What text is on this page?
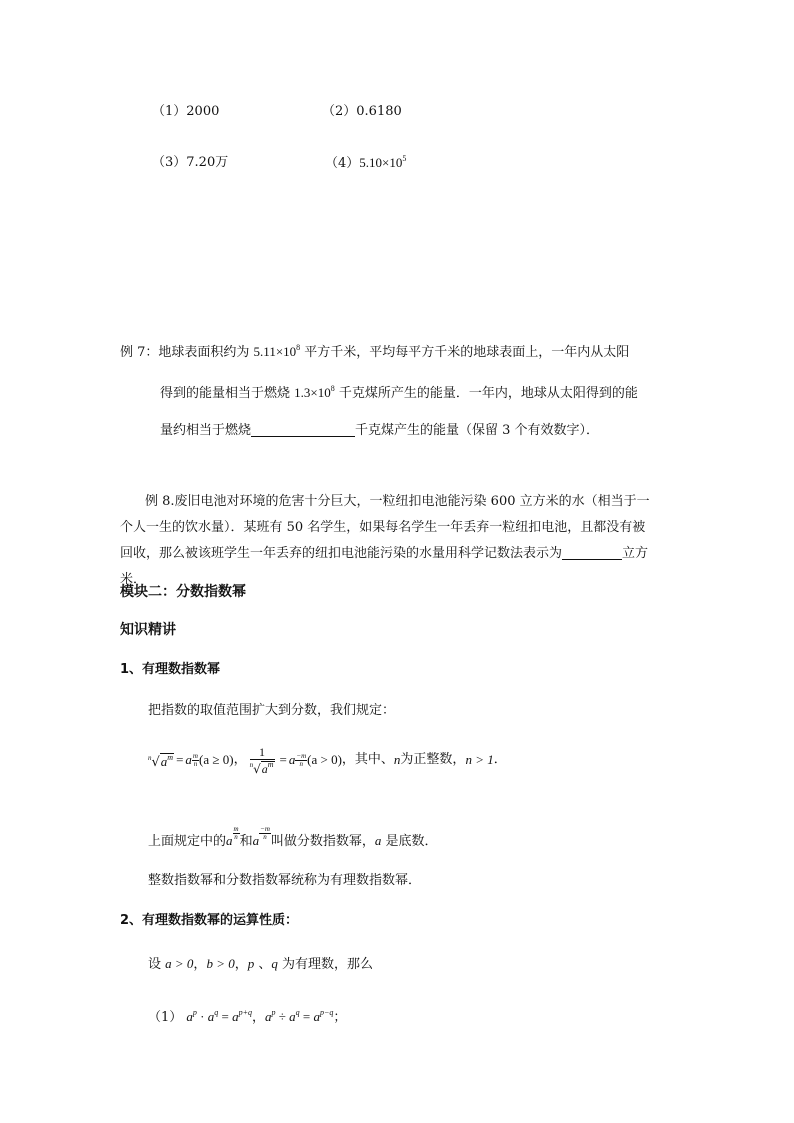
（1）2000	（2）0.6180
（3）7.20万	$(4)5.10\times 10^5$
例 7：地球表面积约为 $5.11\times 10^8$ 平方千米，平均每平方千米的地球表面上，一年内从太阳
得到的能量相当于燃烧 $1.3\times 10^8$ 千克煤所产生的能量．一年内，地球从太阳得到的能
量约相当于燃烧	千克煤产生的能量（保留 3 个有效数字）．
例 8.废旧电池对环境的危害十分巨大，一粒纽扣电池能污染 600 立方米的水（相当于一
个人一生的饮水量）．某班有 50 名学生，如果每名学生一年丢弃一粒纽扣电池，且都没有被
回收，那么被该班学生一年丢弃的纽扣电池能污染的水量用科学记数法表示为	立方
米．
模块二：分数指数幂
知识精讲
1、有理数指数幂
把指数的取值范围扩大到分数，我们规定：
$^n√a^m = a$ m
n (a ≥ 0) ， $\frac{1}{^n√a^m} = a -m$
n (a > 0) ，其中、 n 为正整数， n > 1 ．
上面规定中的a $\frac{m}{n}$
和a $\frac{-m}{n}$
叫做分数指数幂，a 是底数．
整数指数幂和分数指数幂统称为有理数指数幂．
2、有理数指数幂的运算性质：
设 a > 0，b > 0，p 、q 为有理数，那么
（1） $a^p \cdot a^q = a^{p+q}$，$a^p \div a^q = a^{p-q}$；
